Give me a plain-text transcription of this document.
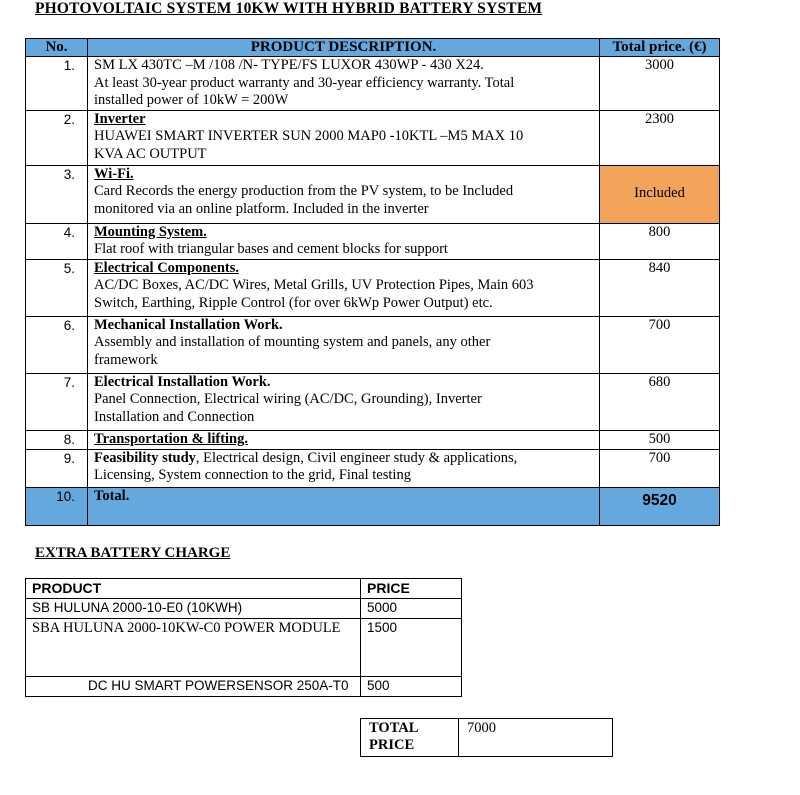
PHOTOVOLTAIC SYSTEM 10KW WITH HYBRID BATTERY SYSTEM
No.	PRODUCT DESCRIPTION.	Total price. (€)
1.	SM LX 430TC –M /108 /N- TYPE/FS LUXOR 430WP - 430 X24.
At least 30-year product warranty and 30-year efficiency warranty. Total
installed power of 10kW = 200W	3000
2.	Inverter
HUAWEI SMART INVERTER SUN 2000 MAP0 -10KTL –M5 MAX 10
KVA AC OUTPUT	2300
3.	Wi-Fi.
Card Records the energy production from the PV system, to be Included
monitored via an online platform. Included in the inverter	Included
4.	Mounting System.
Flat roof with triangular bases and cement blocks for support	800
5.	Electrical Components.
AC/DC Boxes, AC/DC Wires, Metal Grills, UV Protection Pipes, Main 603
Switch, Earthing, Ripple Control (for over 6kWp Power Output) etc.	840
6.	Mechanical Installation Work.
Assembly and installation of mounting system and panels, any other
framework	700
7.	Electrical Installation Work.
Panel Connection, Electrical wiring (AC/DC, Grounding), Inverter
Installation and Connection	680
8.	Transportation & lifting.	500
9.	Feasibility study, Electrical design, Civil engineer study & applications,
Licensing, System connection to the grid, Final testing	700
10.	Total.	9520
EXTRA BATTERY CHARGE
PRODUCT	PRICE
SB HULUNA 2000-10-E0 (10KWH)	5000
SBA HULUNA 2000-10KW-C0 POWER MODULE	1500
DC HU SMART POWERSENSOR 250A-T0	500
TOTAL PRICE	7000
